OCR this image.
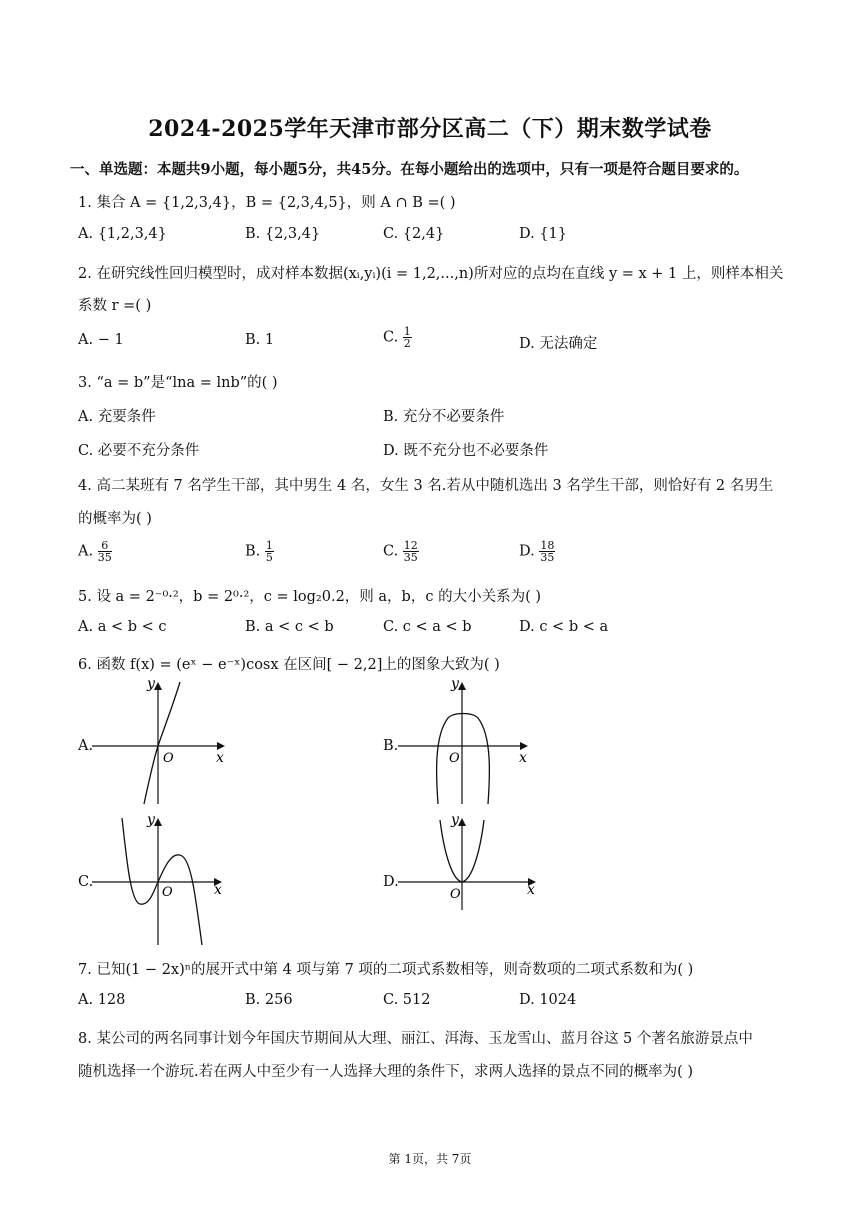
2024-2025学年天津市部分区高二（下）期末数学试卷
一、单选题：本题共9小题，每小题5分，共45分。在每小题给出的选项中，只有一项是符合题目要求的。
1. 集合 A = {1,2,3,4}，B = {2,3,4,5}，则 A ∩ B =( )
A. {1,2,3,4}	B. {2,3,4}	C. {2,4}	D. {1}
2. 在研究线性回归模型时，成对样本数据(xᵢ,yᵢ)(i = 1,2,...,n)所对应的点均在直线 y = x + 1 上，则样本相关
系数 r =( )
A. − 1	B. 1	C. $\frac{1}{2}$	D. 无法确定
3. “a = b”是“lna = lnb”的( )
A. 充要条件	B. 充分不必要条件
C. 必要不充分条件	D. 既不充分也不必要条件
4. 高二某班有 7 名学生干部，其中男生 4 名，女生 3 名.若从中随机选出 3 名学生干部，则恰好有 2 名男生
的概率为( )
A. $\frac{6}{35}$	B. $\frac{1}{5}$	C. $\frac{12}{35}$	D. $\frac{18}{35}$
5. 设 a = 2⁻⁰·²，b = 2⁰·²，c = log₂0.2，则 a，b，c 的大小关系为( )
A. a < b < c	B. a < c < b	C. c < a < b	D. c < b < a
6. 函数 f(x) = (eˣ − e⁻ˣ)cosx 在区间[ − 2,2]上的图象大致为( )
A.
y
x
O
B.
y
x
O
C.
y
x
O
D.
y
x
O
7. 已知(1 − 2x)ⁿ的展开式中第 4 项与第 7 项的二项式系数相等，则奇数项的二项式系数和为( )
A. 128	B. 256	C. 512	D. 1024
8. 某公司的两名同事计划今年国庆节期间从大理、丽江、洱海、玉龙雪山、蓝月谷这 5 个著名旅游景点中
随机选择一个游玩.若在两人中至少有一人选择大理的条件下，求两人选择的景点不同的概率为( )
第 1页，共 7页
